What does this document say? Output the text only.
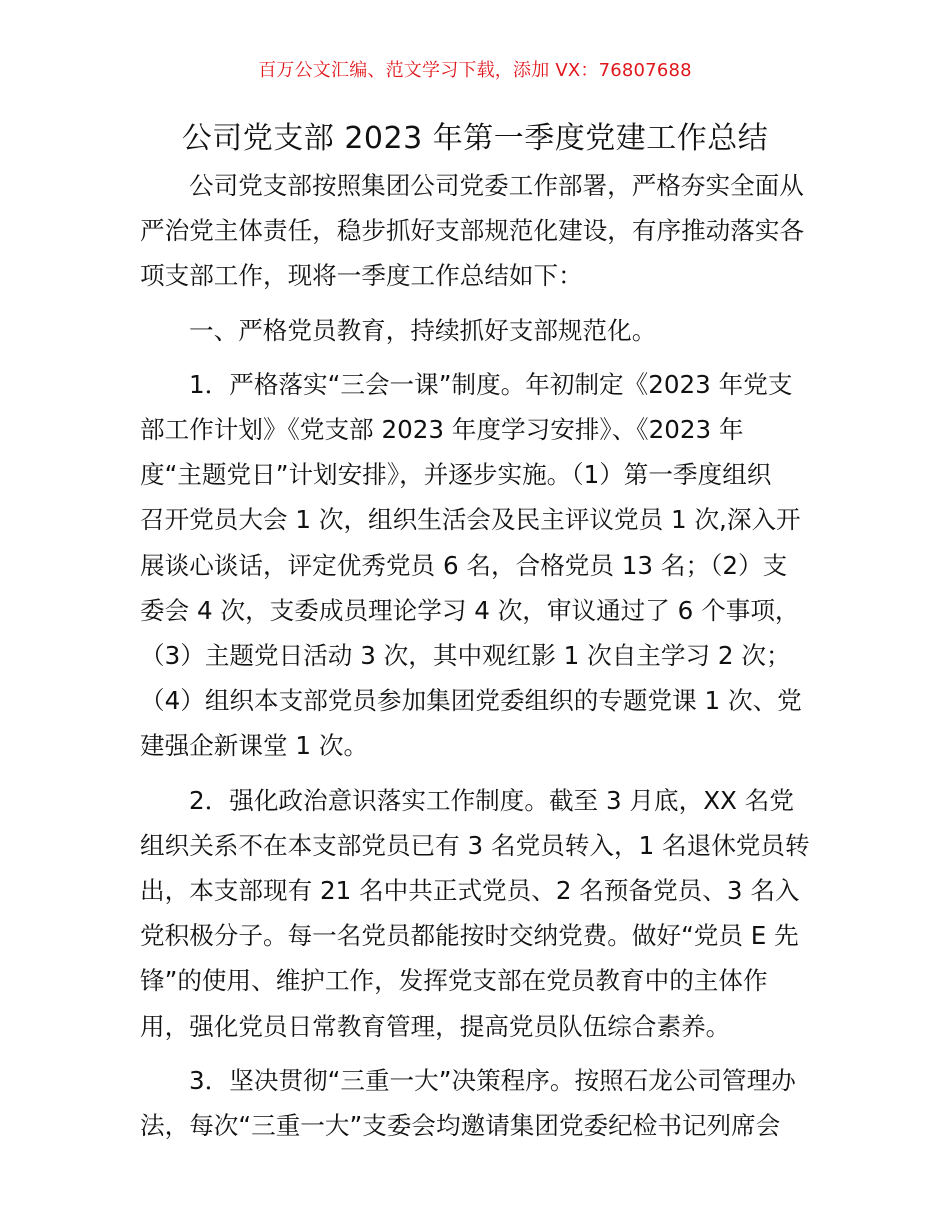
百万公文汇编、范文学习下载，添加 VX：76807688
公司党支部 2023 年第一季度党建工作总结
公司党支部按照集团公司党委工作部署，严格夯实全面从
严治党主体责任，稳步抓好支部规范化建设，有序推动落实各
项支部工作，现将一季度工作总结如下：
一、严格党员教育，持续抓好支部规范化。
1．严格落实“三会一课”制度。年初制定《2023 年党支
部工作计划》《党支部 2023 年度学习安排》、《2023 年
度“主题党日”计划安排》，并逐步实施。（1）第一季度组织
召开党员大会 1 次，组织生活会及民主评议党员 1 次,深入开
展谈心谈话，评定优秀党员 6 名，合格党员 13 名；（2）支
委会 4 次，支委成员理论学习 4 次，审议通过了 6 个事项，
（3）主题党日活动 3 次，其中观红影 1 次自主学习 2 次；
（4）组织本支部党员参加集团党委组织的专题党课 1 次、党
建强企新课堂 1 次。
2．强化政治意识落实工作制度。截至 3 月底，XX 名党
组织关系不在本支部党员已有 3 名党员转入，1 名退休党员转
出，本支部现有 21 名中共正式党员、2 名预备党员、3 名入
党积极分子。每一名党员都能按时交纳党费。做好“党员 E 先
锋”的使用、维护工作，发挥党支部在党员教育中的主体作
用，强化党员日常教育管理，提高党员队伍综合素养。
3．坚决贯彻“三重一大”决策程序。按照石龙公司管理办
法，每次“三重一大”支委会均邀请集团党委纪检书记列席会
